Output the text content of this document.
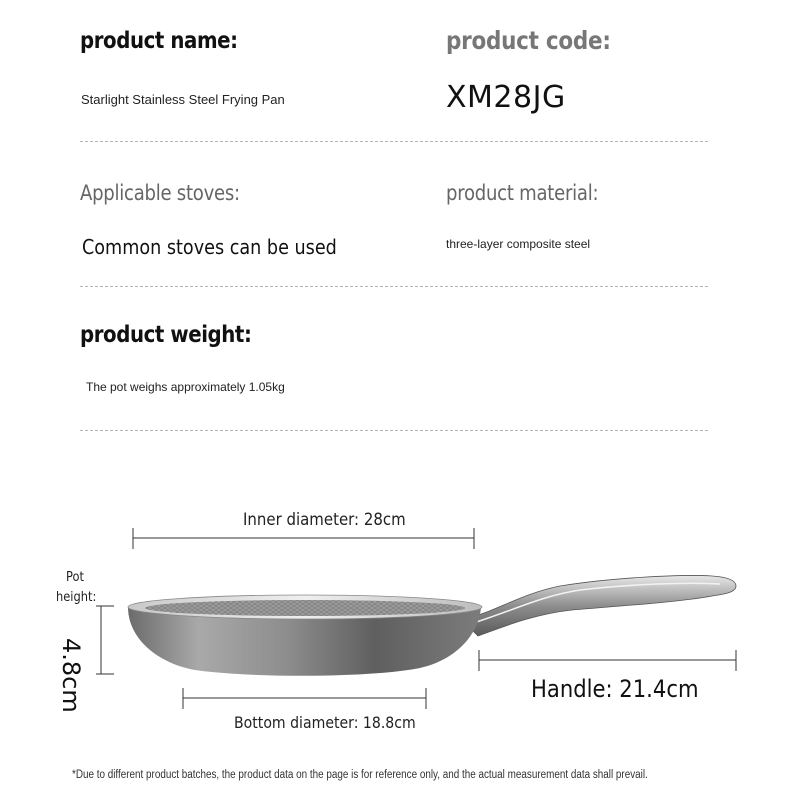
product name:
Starlight Stainless Steel Frying Pan
product code:
XM28JG
Applicable stoves:
Common stoves can be used
product material:
three-layer composite steel
product weight:
The pot weighs approximately 1.05kg
Inner diameter: 28cm
Pot
height:
4.8cm
Bottom diameter: 18.8cm
Handle: 21.4cm
*Due to different product batches, the product data on the page is for reference only, and the actual measurement data shall prevail.
